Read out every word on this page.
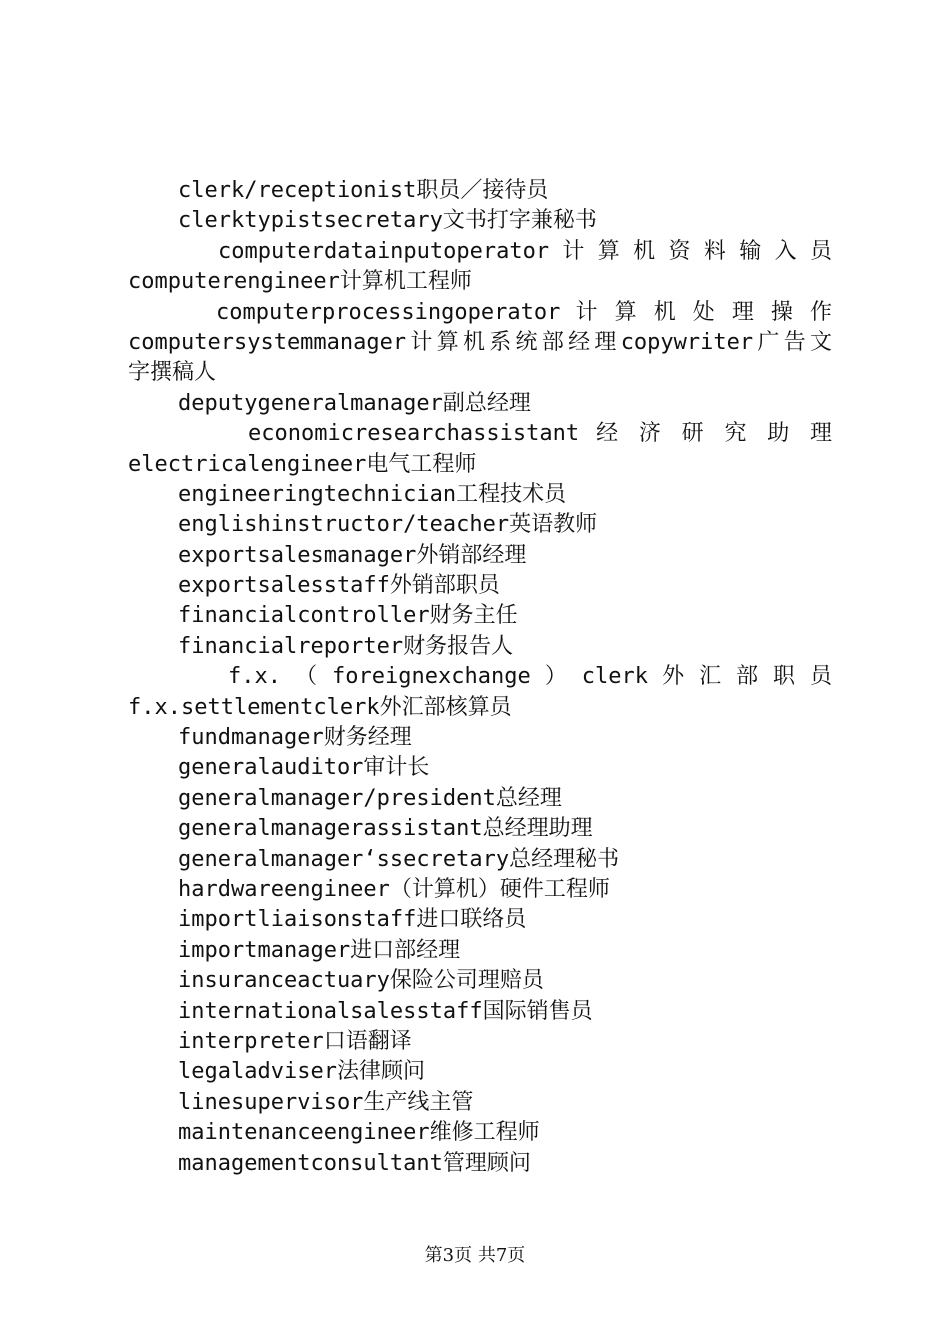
clerk/receptionist职员／接待员
clerktypistsecretary文书打字兼秘书
computerdatainputoperator 计 算 机 资 料 输 入 员
computerengineer计算机工程师
computerprocessingoperator 计 算 机 处 理 操 作
computersystemmanager计算机系统部经理copywriter广告文
字撰稿人
deputygeneralmanager副总经理
economicresearchassistant 经 济 研 究 助 理
electricalengineer电气工程师
engineeringtechnician工程技术员
englishinstructor/teacher英语教师
exportsalesmanager外销部经理
exportsalesstaff外销部职员
financialcontroller财务主任
financialreporter财务报告人
f.x. （ foreignexchange ） clerk 外 汇 部 职 员
f.x.settlementclerk外汇部核算员
fundmanager财务经理
generalauditor审计长
generalmanager/president总经理
generalmanagerassistant总经理助理
generalmanager‘ssecretary总经理秘书
hardwareengineer（计算机）硬件工程师
importliaisonstaff进口联络员
importmanager进口部经理
insuranceactuary保险公司理赔员
internationalsalesstaff国际销售员
interpreter口语翻译
legaladviser法律顾问
linesupervisor生产线主管
maintenanceengineer维修工程师
managementconsultant管理顾问
第3页 共7页
